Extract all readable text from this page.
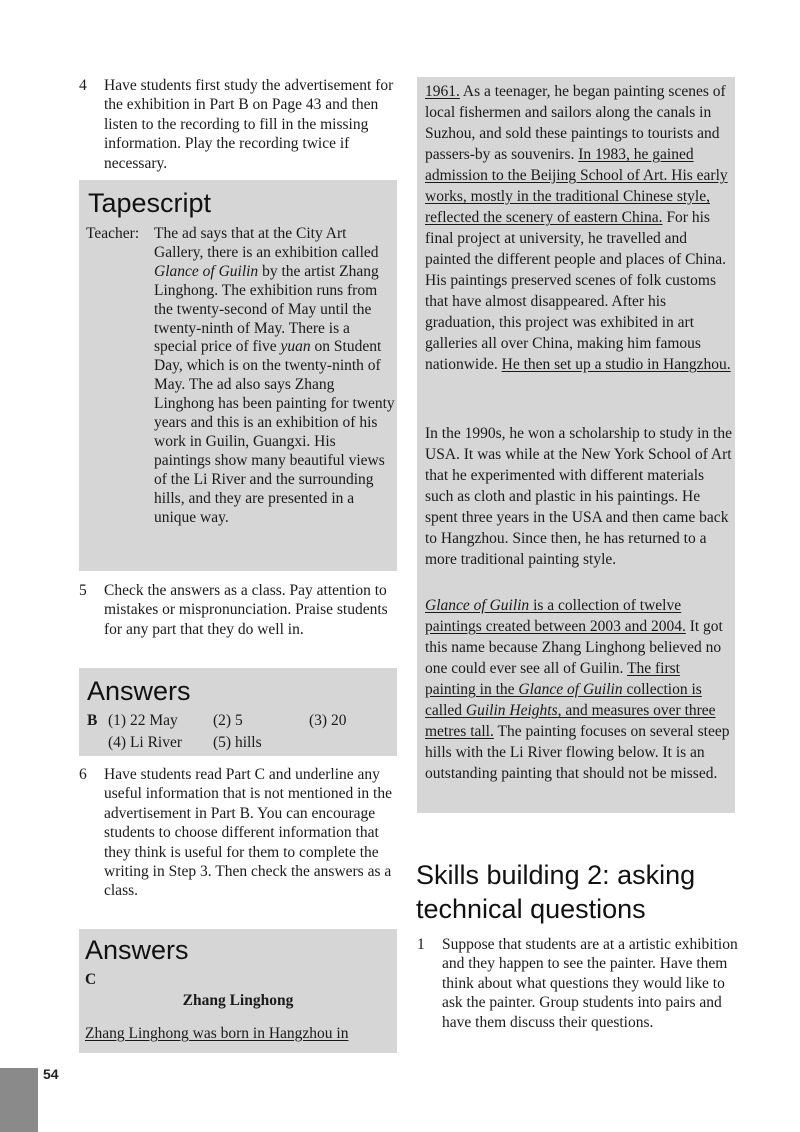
4 Have students first study the advertisement for the exhibition in Part B on Page 43 and then listen to the recording to fill in the missing information. Play the recording twice if necessary.
Tapescript
Teacher: The ad says that at the City Art Gallery, there is an exhibition called Glance of Guilin by the artist Zhang Linghong. The exhibition runs from the twenty-second of May until the twenty-ninth of May. There is a special price of five yuan on Student Day, which is on the twenty-ninth of May. The ad also says Zhang Linghong has been painting for twenty years and this is an exhibition of his work in Guilin, Guangxi. His paintings show many beautiful views of the Li River and the surrounding hills, and they are presented in a unique way.
5 Check the answers as a class. Pay attention to mistakes or mispronunciation. Praise students for any part that they do well in.
Answers
B (1) 22 May (2) 5	(3) 20
(4) Li River (5) hills
6 Have students read Part C and underline any useful information that is not mentioned in the advertisement in Part B. You can encourage students to choose different information that they think is useful for them to complete the writing in Step 3. Then check the answers as a class.
Answers
C
Zhang Linghong
Zhang Linghong was born in Hangzhou in
1961. As a teenager, he began painting scenes of local fishermen and sailors along the canals in Suzhou, and sold these paintings to tourists and passers-by as souvenirs. In 1983, he gained admission to the Beijing School of Art. His early works, mostly in the traditional Chinese style, reflected the scenery of eastern China. For his final project at university, he travelled and painted the different people and places of China. His paintings preserved scenes of folk customs that have almost disappeared. After his graduation, this project was exhibited in art galleries all over China, making him famous nationwide. He then set up a studio in Hangzhou.
In the 1990s, he won a scholarship to study in the USA. It was while at the New York School of Art that he experimented with different materials such as cloth and plastic in his paintings. He spent three years in the USA and then came back to Hangzhou. Since then, he has returned to a more traditional painting style.
Glance of Guilin is a collection of twelve paintings created between 2003 and 2004. It got this name because Zhang Linghong believed no one could ever see all of Guilin. The first painting in the Glance of Guilin collection is called Guilin Heights, and measures over three metres tall. The painting focuses on several steep hills with the Li River flowing below. It is an outstanding painting that should not be missed.
Skills building 2: asking
technical questions
1 Suppose that students are at a artistic exhibition and they happen to see the painter. Have them think about what questions they would like to ask the painter. Group students into pairs and have them discuss their questions.
54
